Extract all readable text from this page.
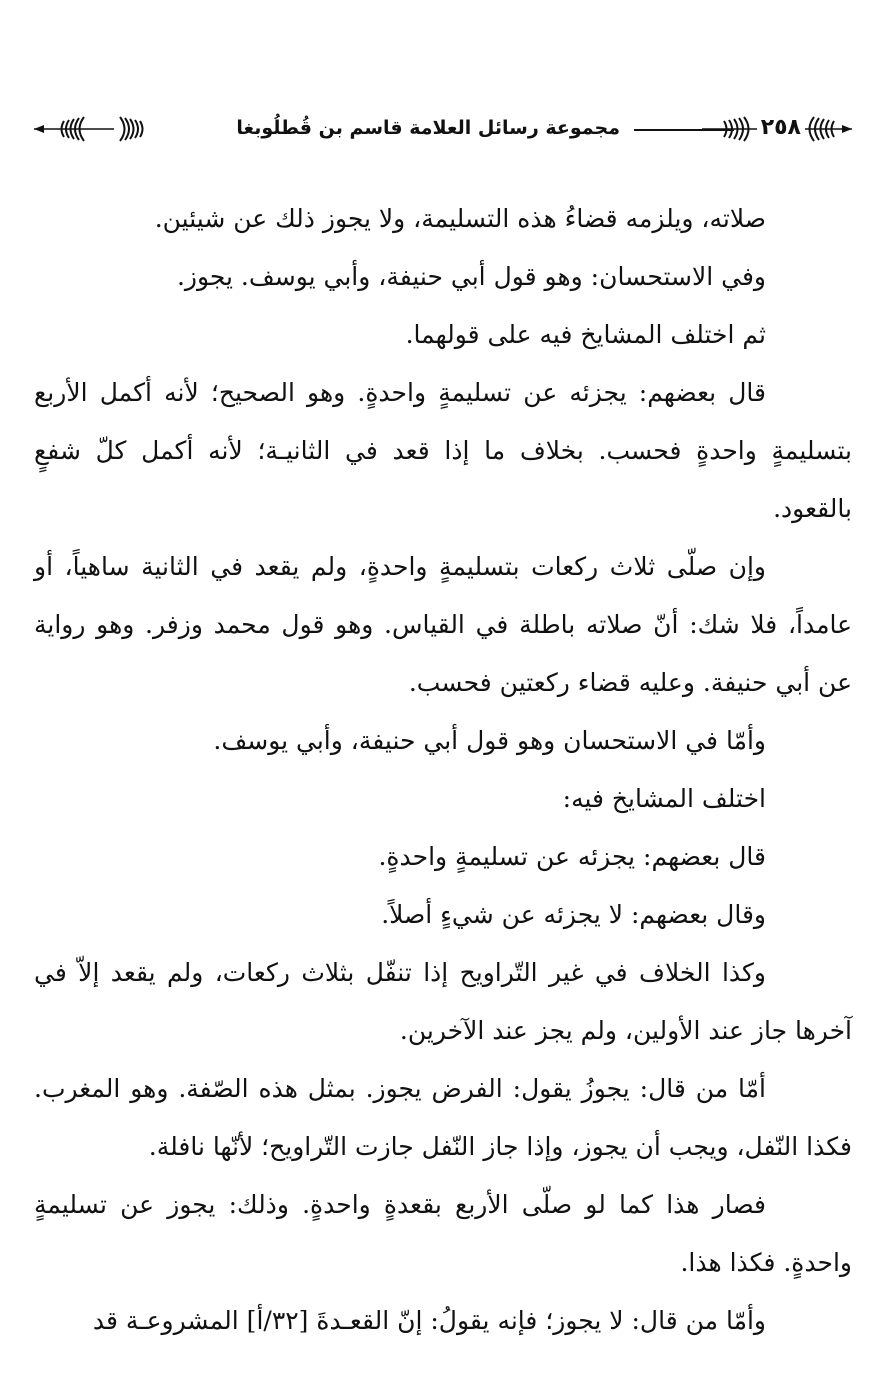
٢٥٨
مجموعة رسائل العلامة قاسم بن قُطلُوبغا

صلاته، ويلزمه قضاءُ هذه التسليمة، ولا يجوز ذلك عن شيئين.

وفي الاستحسان: وهو قول أبي حنيفة، وأبي يوسف. يجوز.

ثم اختلف المشايخ فيه على قولهما.

قال بعضهم: يجزئه عن تسليمةٍ واحدةٍ. وهو الصحيح؛ لأنه أكمل الأربع بتسليمةٍ واحدةٍ فحسب. بخلاف ما إذا قعد في الثانيـة؛ لأنه أكمل كلّ شفعٍ بالقعود.

وإن صلّى ثلاث ركعات بتسليمةٍ واحدةٍ، ولم يقعد في الثانية ساهياً، أو عامداً، فلا شك: أنّ صلاته باطلة في القياس. وهو قول محمد وزفر. وهو رواية عن أبي حنيفة. وعليه قضاء ركعتين فحسب.

وأمّا في الاستحسان وهو قول أبي حنيفة، وأبي يوسف.

اختلف المشايخ فيه:

قال بعضهم: يجزئه عن تسليمةٍ واحدةٍ.

وقال بعضهم: لا يجزئه عن شيءٍ أصلاً.

وكذا الخلاف في غير التّراويح إذا تنفّل بثلاث ركعات، ولم يقعد إلاّ في آخرها جاز عند الأولين، ولم يجز عند الآخرين.

أمّا من قال: يجوزُ يقول: الفرض يجوز. بمثل هذه الصّفة. وهو المغرب. فكذا النّفل، ويجب أن يجوز، وإذا جاز النّفل جازت التّراويح؛ لأنّها نافلة.

فصار هذا كما لو صلّى الأربع بقعدةٍ واحدةٍ. وذلك: يجوز عن تسليمةٍ واحدةٍ. فكذا هذا.

وأمّا من قال: لا يجوز؛ فإنه يقولُ: إنّ القعـدةَ [٣٢/أ] المشروعـة قد
